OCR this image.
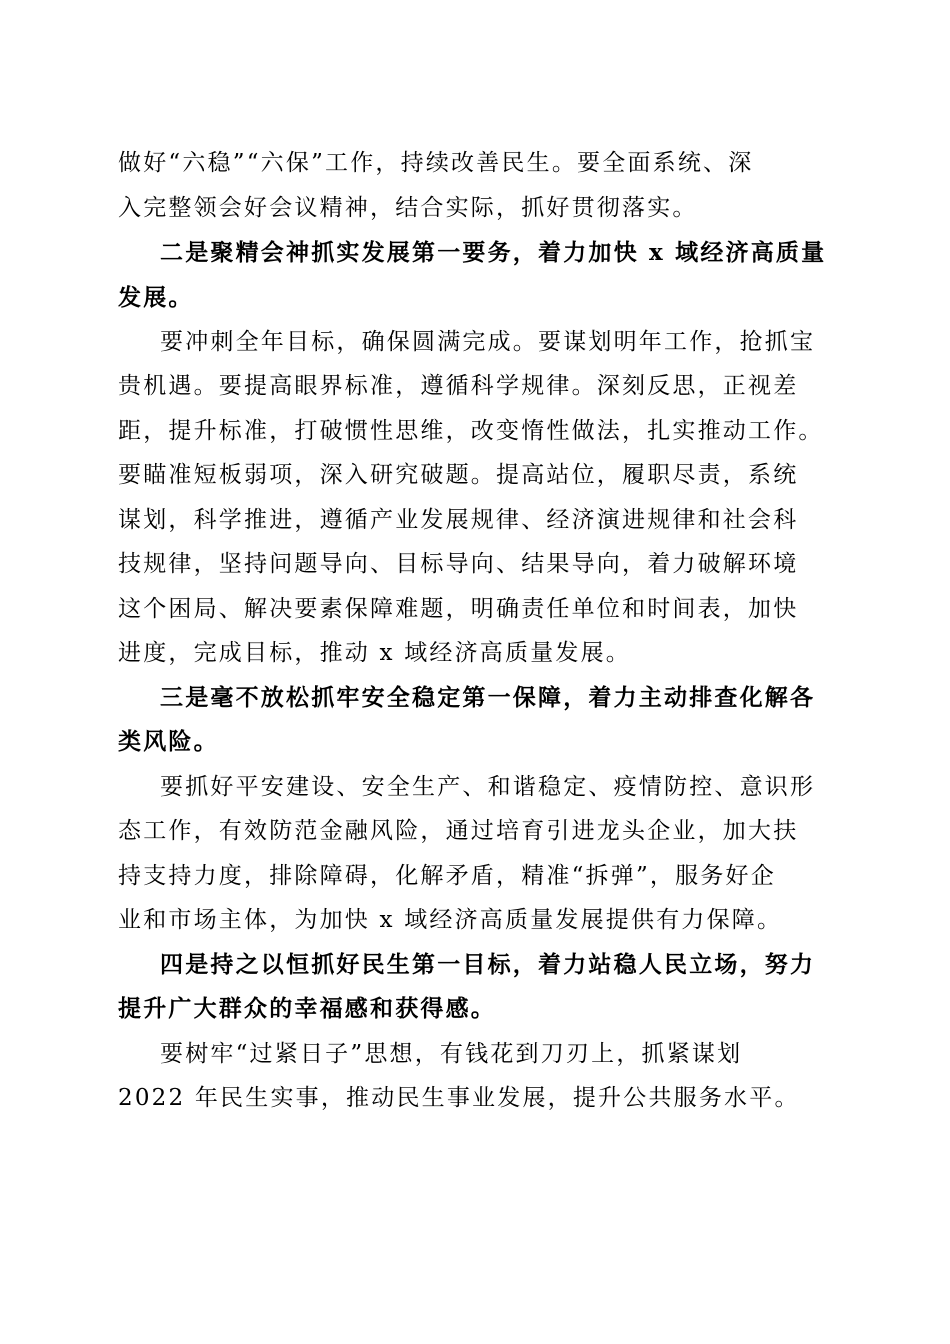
做好“六稳”“六保”工作，持续改善民生。要全面系统、深
入完整领会好会议精神，结合实际，抓好贯彻落实。
二是聚精会神抓实发展第一要务，着力加快 x 域经济高质量
发展。
要冲刺全年目标，确保圆满完成。要谋划明年工作，抢抓宝
贵机遇。要提高眼界标准，遵循科学规律。深刻反思，正视差
距，提升标准，打破惯性思维，改变惰性做法，扎实推动工作。
要瞄准短板弱项，深入研究破题。提高站位，履职尽责，系统
谋划，科学推进，遵循产业发展规律、经济演进规律和社会科
技规律，坚持问题导向、目标导向、结果导向，着力破解环境
这个困局、解决要素保障难题，明确责任单位和时间表，加快
进度，完成目标，推动 x 域经济高质量发展。
三是毫不放松抓牢安全稳定第一保障，着力主动排查化解各
类风险。
要抓好平安建设、安全生产、和谐稳定、疫情防控、意识形
态工作，有效防范金融风险，通过培育引进龙头企业，加大扶
持支持力度，排除障碍，化解矛盾，精准“拆弹”，服务好企
业和市场主体，为加快 x 域经济高质量发展提供有力保障。
四是持之以恒抓好民生第一目标，着力站稳人民立场，努力
提升广大群众的幸福感和获得感。
要树牢“过紧日子”思想，有钱花到刀刃上，抓紧谋划
2022 年民生实事，推动民生事业发展，提升公共服务水平。
